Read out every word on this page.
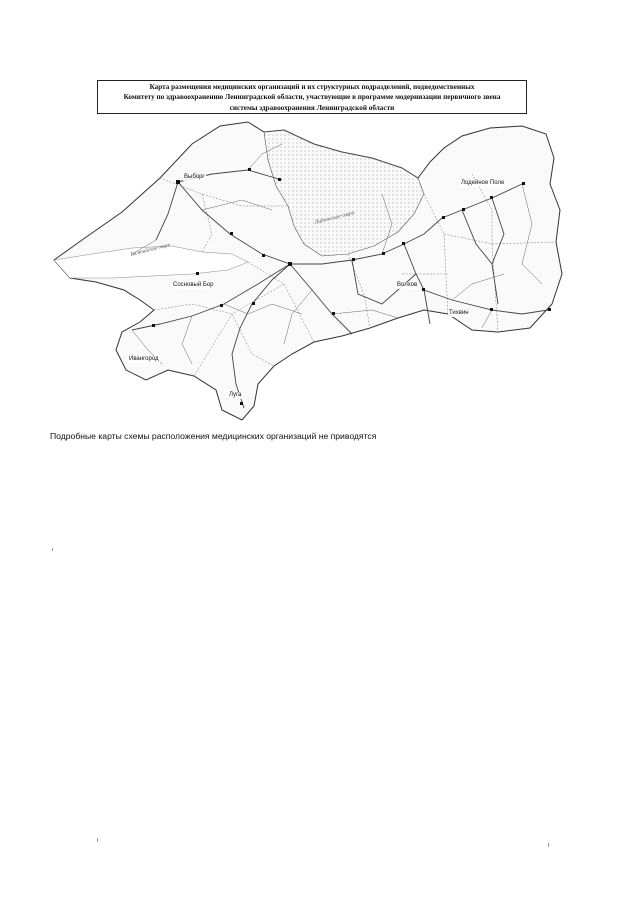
Карта размещения медицинских организаций и их структурных подразделений, подведомственных
Комитету по здравоохранению Ленинградской области, участвующие в программе модернизации первичного звена
системы здравоохранения Ленинградской области
Выборг
Лодейное Поле
Сосновый Бор
Ивангород
Волхов
Тихвин
Луга
Балтийское море
Ладожское озеро
Подробные карты схемы расположения медицинских организаций не приводятся
